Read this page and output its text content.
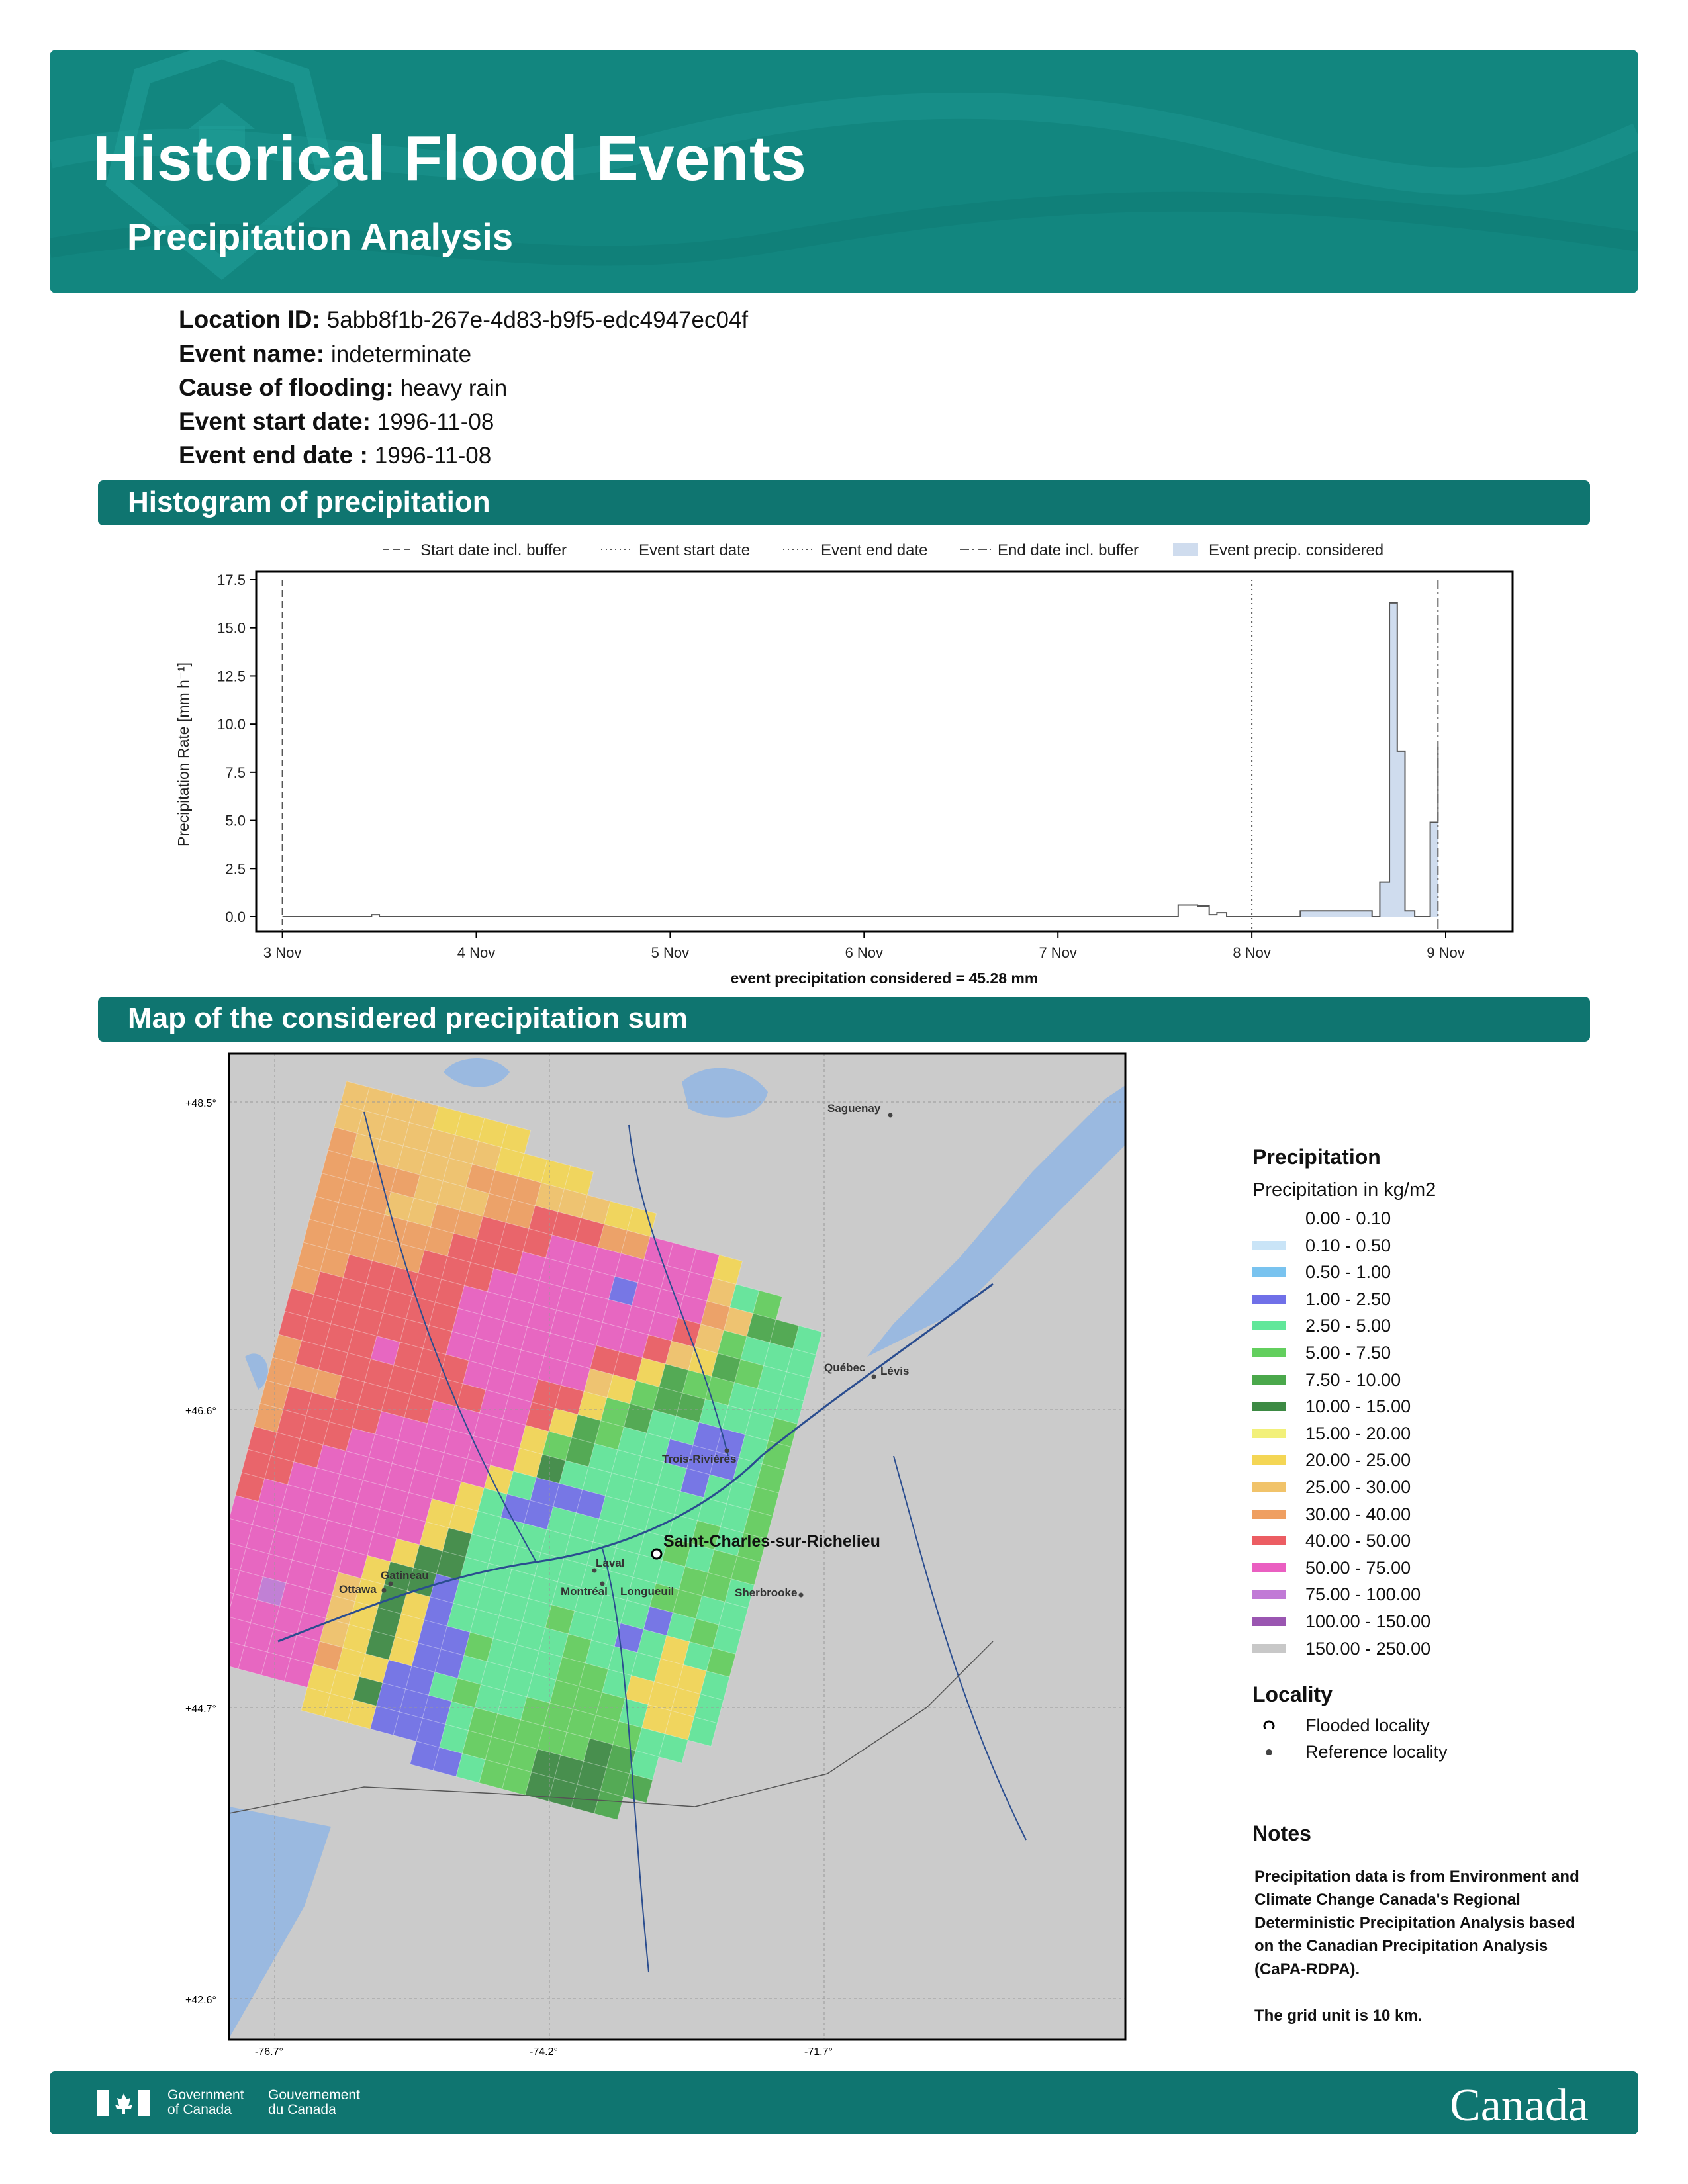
Historical Flood Events
Precipitation Analysis
Location ID: 5abb8f1b-267e-4d83-b9f5-edc4947ec04f
Event name: indeterminate
Cause of flooding: heavy rain
Event start date: 1996-11-08
Event end date : 1996-11-08
Histogram of precipitation
Start date incl. buffer	Event start date	Event end date	End date incl. buffer	Event precip. considered
0.0
2.5
5.0
7.5
10.0
12.5
15.0
17.5
3 Nov	4 Nov	5 Nov	6 Nov	7 Nov	8 Nov	9 Nov
Precipitation Rate [mm h⁻¹]
event precipitation considered = 45.28 mm
Map of the considered precipitation sum
+48.5°
+46.6°
+44.7°
+42.6°
-76.7°	-74.2°	-71.7°
Saguenay
Québec Lévis
Trois-Rivières
Laval
Gatineau
Ottawa	Montréal Longueuil	Sherbrooke
Saint-Charles-sur-Richelieu
Precipitation
Precipitation in kg/m2
0.00 - 0.10
0.10 - 0.50
0.50 - 1.00
1.00 - 2.50
2.50 - 5.00
5.00 - 7.50
7.50 - 10.00
10.00 - 15.00
15.00 - 20.00
20.00 - 25.00
25.00 - 30.00
30.00 - 40.00
40.00 - 50.00
50.00 - 75.00
75.00 - 100.00
100.00 - 150.00
150.00 - 250.00
Locality
Flooded locality
Reference locality
Notes
Precipitation data is from Environment and Climate Change Canada's Regional Deterministic Precipitation Analysis based on the Canadian Precipitation Analysis (CaPA-RDPA).
The grid unit is 10 km.
Government
of Canada
Gouvernement
du Canada	Canada
